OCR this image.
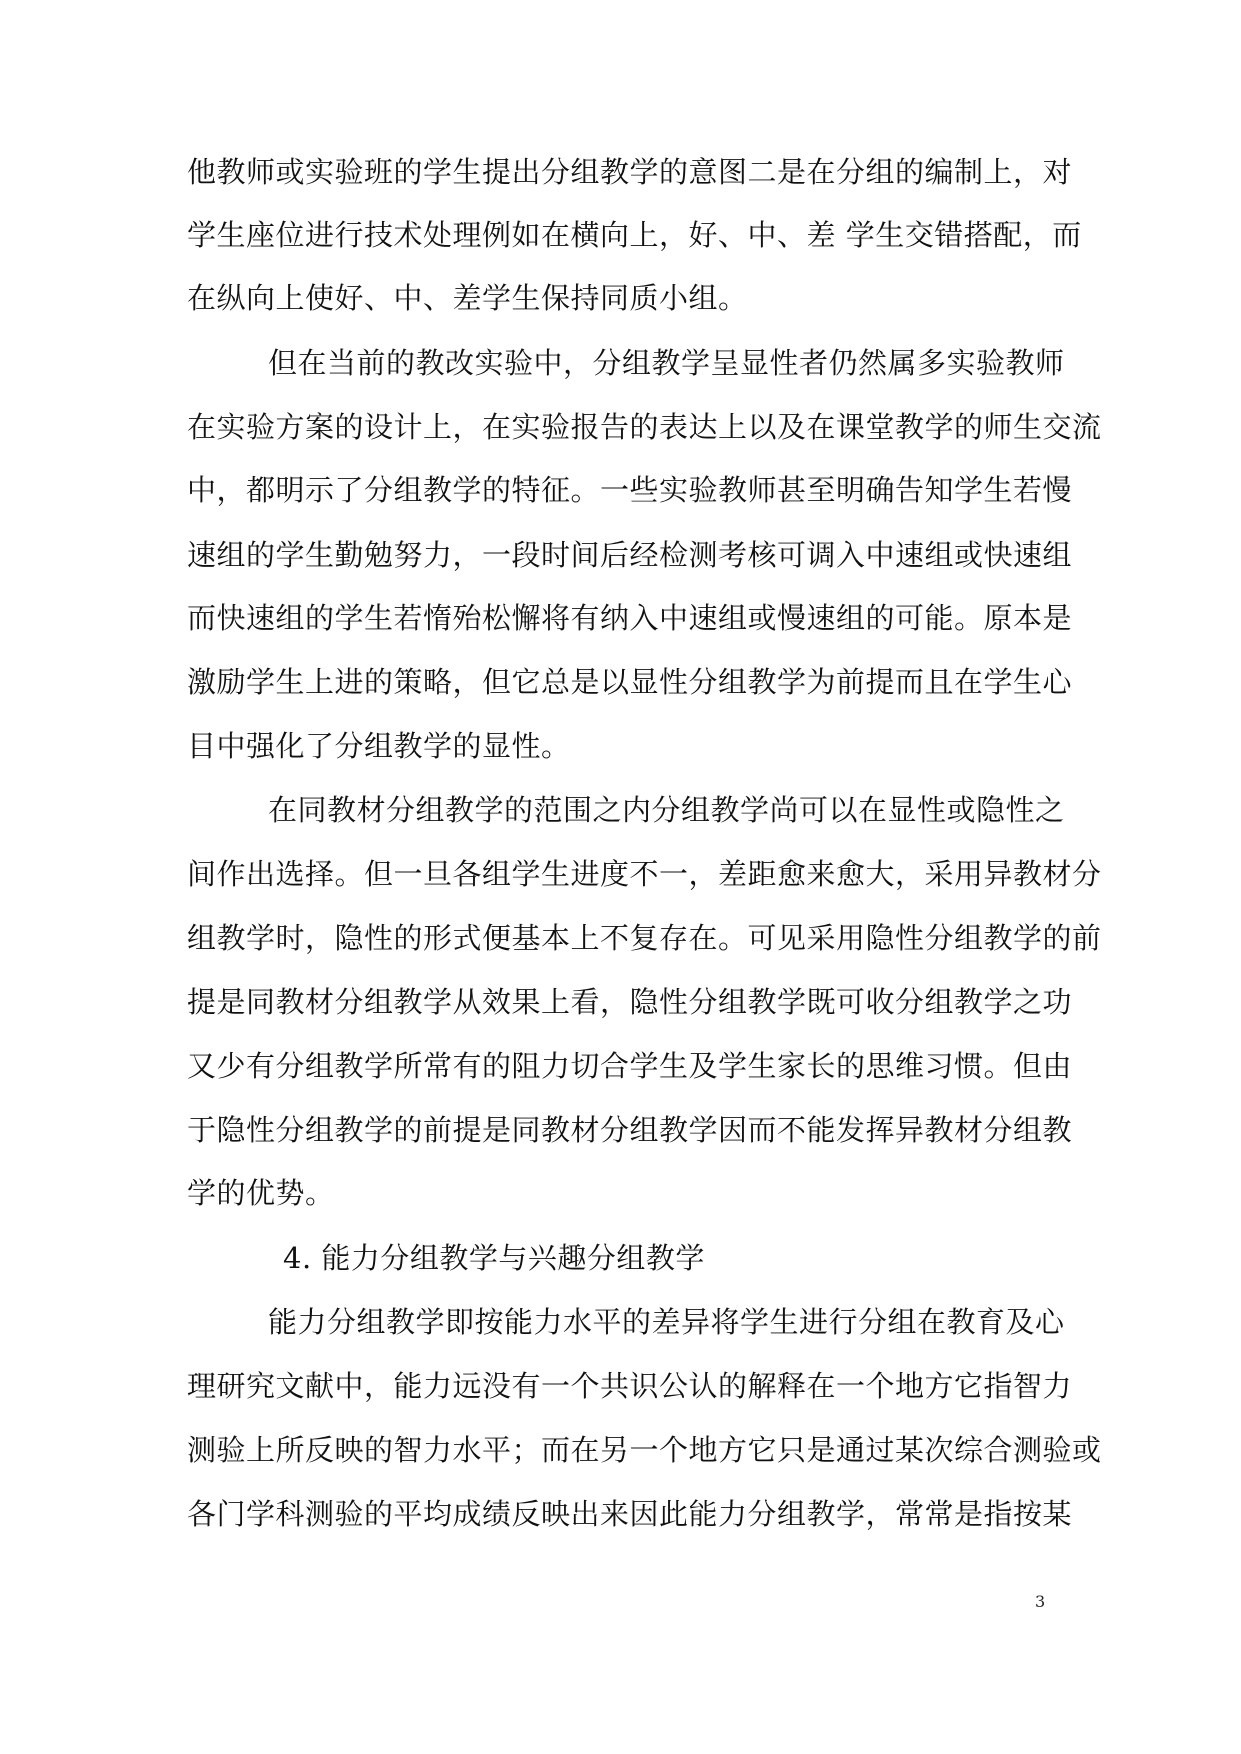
他教师或实验班的学生提出分组教学的意图二是在分组的编制上，对
学生座位进行技术处理例如在横向上，好、中、差 学生交错搭配，而
在纵向上使好、中、差学生保持同质小组。
但在当前的教改实验中，分组教学呈显性者仍然属多实验教师
在实验方案的设计上，在实验报告的表达上以及在课堂教学的师生交流
中，都明示了分组教学的特征。一些实验教师甚至明确告知学生若慢
速组的学生勤勉努力，一段时间后经检测考核可调入中速组或快速组
而快速组的学生若惰殆松懈将有纳入中速组或慢速组的可能。原本是
激励学生上进的策略，但它总是以显性分组教学为前提而且在学生心
目中强化了分组教学的显性。
在同教材分组教学的范围之内分组教学尚可以在显性或隐性之
间作出选择。但一旦各组学生进度不一，差距愈来愈大，采用异教材分
组教学时，隐性的形式便基本上不复存在。可见采用隐性分组教学的前
提是同教材分组教学从效果上看，隐性分组教学既可收分组教学之功
又少有分组教学所常有的阻力切合学生及学生家长的思维习惯。但由
于隐性分组教学的前提是同教材分组教学因而不能发挥异教材分组教
学的优势。
4. 能力分组教学与兴趣分组教学
能力分组教学即按能力水平的差异将学生进行分组在教育及心
理研究文献中，能力远没有一个共识公认的解释在一个地方它指智力
测验上所反映的智力水平；而在另一个地方它只是通过某次综合测验或
各门学科测验的平均成绩反映出来因此能力分组教学，常常是指按某
3
